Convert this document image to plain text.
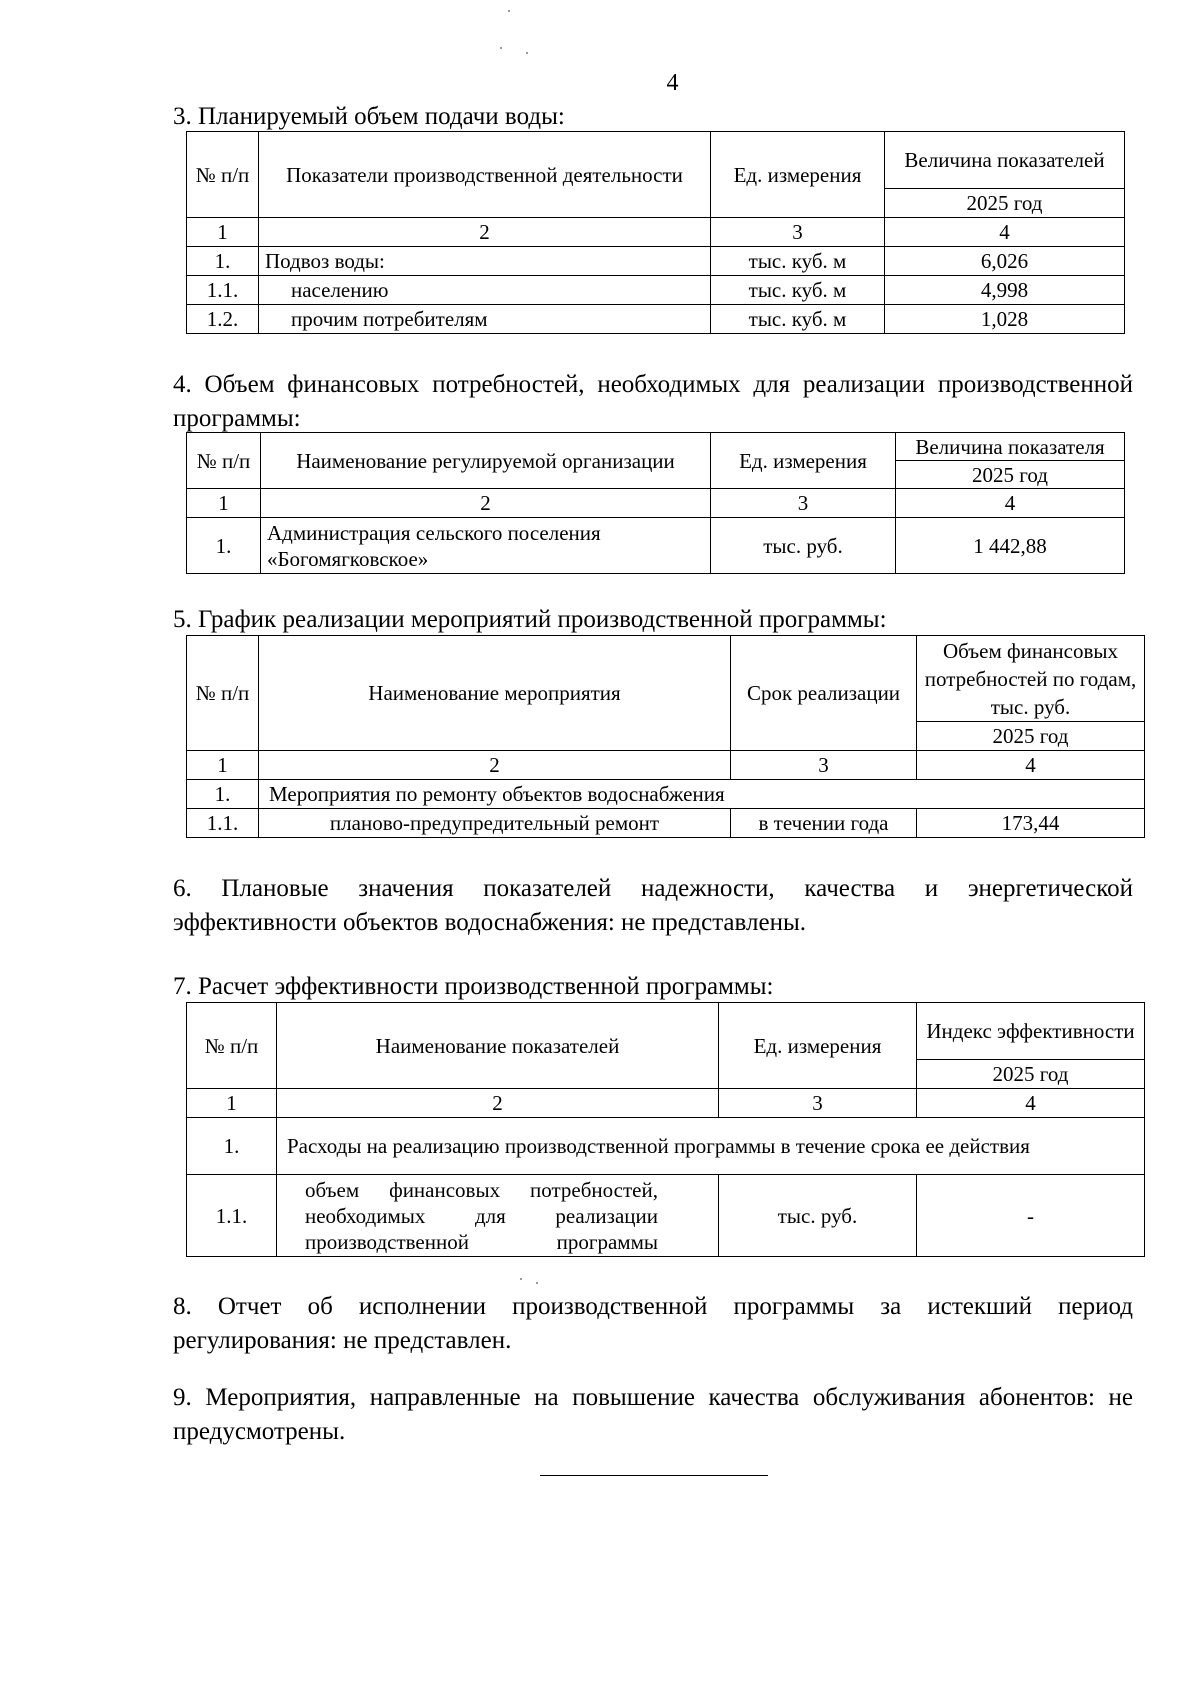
4
3. Планируемый объем подачи воды:
№ п/п	Показатели производственной деятельности	Ед. измерения	Величина показателей
			2025 год
1	2	3	4
1.	Подвоз воды:	тыс. куб. м	6,026
1.1.	населению	тыс. куб. м	4,998
1.2.	прочим потребителям	тыс. куб. м	1,028
4. Объем финансовых потребностей, необходимых для реализации производственной программы:
№ п/п	Наименование регулируемой организации	Ед. измерения	Величина показателя
			2025 год
1	2	3	4
1.	Администрация сельского поселения «Богомягковское»	тыс. руб.	1 442,88
5. График реализации мероприятий производственной программы:
№ п/п	Наименование мероприятия	Срок реализации	Объем финансовых потребностей по годам, тыс. руб.
			2025 год
1	2	3	4
1.	Мероприятия по ремонту объектов водоснабжения		
1.1.	планово-предупредительный ремонт	в течении года	173,44
6. Плановые значения показателей надежности, качества и энергетической эффективности объектов водоснабжения: не представлены.
7. Расчет эффективности производственной программы:
№ п/п	Наименование показателей	Ед. измерения	Индекс эффективности
			2025 год
1	2	3	4
1.	Расходы на реализацию производственной программы в течение срока ее действия		
1.1.	объем финансовых потребностей, необходимых для реализации производственной программы	тыс. руб.	-
8. Отчет об исполнении производственной программы за истекший период регулирования: не представлен.
9. Мероприятия, направленные на повышение качества обслуживания абонентов: не предусмотрены.
